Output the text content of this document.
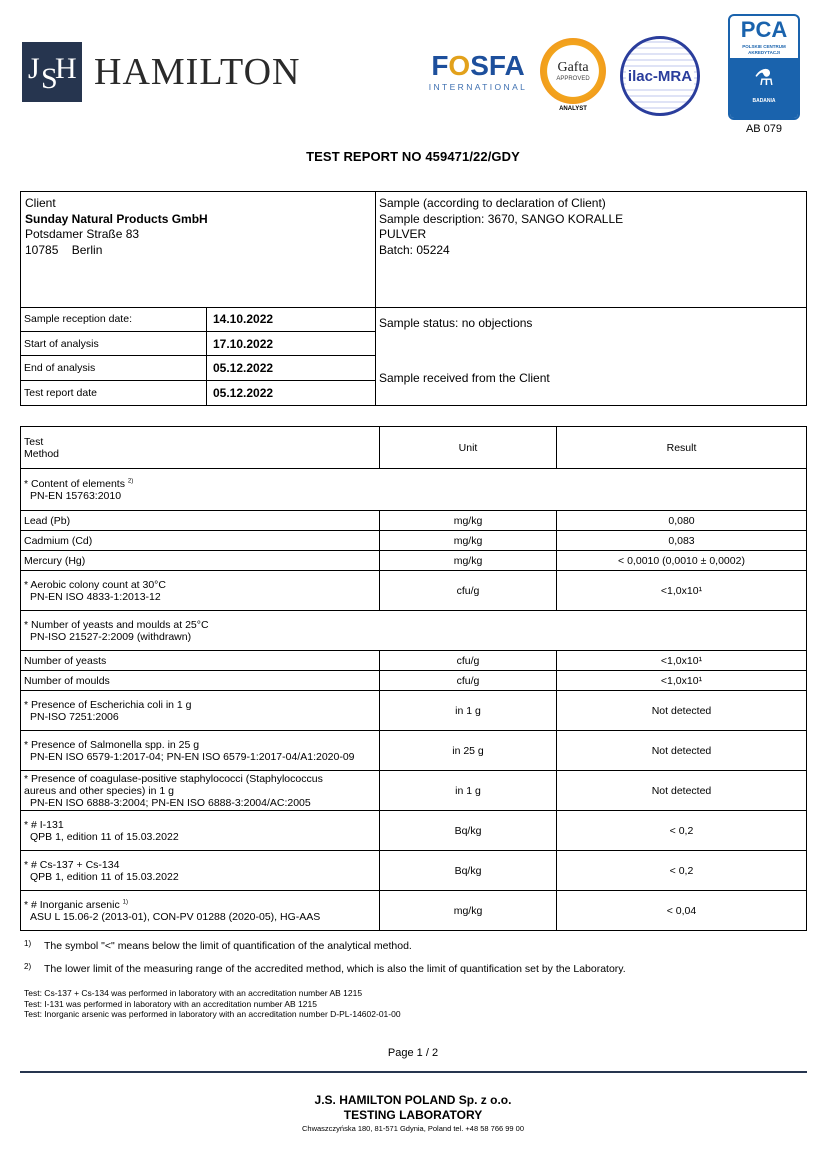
J S
H HAMILTON	FOSFA
INTERNATIONAL
Gafta
APPROVED
ANALYST
ilac-MRA
PCA
POLSKIE CENTRUM AKREDYTACJI
⚗
BADANIA
AB 079
TEST REPORT NO 459471/22/GDY
Client
Sunday Natural Products GmbH
Potsdamer Straße 83
10785    Berlin
Sample (according to declaration of Client)
Sample description: 3670, SANGO KORALLE
PULVER
Batch: 05224
Sample reception date:	14.10.2022
Start of analysis	17.10.2022
End of analysis	05.12.2022
Test report date	05.12.2022
Sample status: no objections
Sample received from the Client
Test
Method	Unit	Result
* Content of elements $^{2)}$
PN-EN 15763:2010		

Lead (Pb)	mg/kg	0,080
Cadmium (Cd)	mg/kg	0,083
Mercury (Hg)	mg/kg	< 0,0010 (0,0010 ± 0,0002)
* Aerobic colony count at 30°C
PN-EN ISO 4833-1:2013-12	cfu/g	<1,0x10¹
* Number of yeasts and moulds at 25°C
PN-ISO 21527-2:2009 (withdrawn)		

Number of yeasts	cfu/g	<1,0x10¹
Number of moulds	cfu/g	<1,0x10¹
* Presence of Escherichia coli in 1 g
PN-ISO 7251:2006	in 1 g	Not detected
* Presence of Salmonella spp. in 25 g
PN-EN ISO 6579-1:2017-04; PN-EN ISO 6579-1:2017-04/A1:2020-09	in 25 g	Not detected
* Presence of coagulase-positive staphylococci (Staphylococcus
aureus and other species) in 1 g
PN-EN ISO 6888-3:2004; PN-EN ISO 6888-3:2004/AC:2005	in 1 g	Not detected
* # I-131
QPB 1, edition 11 of 15.03.2022	Bq/kg	< 0,2
* # Cs-137 + Cs-134
QPB 1, edition 11 of 15.03.2022	Bq/kg	< 0,2
* # Inorganic arsenic $^{1)}$
ASU L 15.06-2 (2013-01), CON-PV 01288 (2020-05), HG-AAS	mg/kg	< 0,04
1) The symbol "<" means below the limit of quantification of the analytical method.
2) The lower limit of the measuring range of the accredited method, which is also the limit of quantification set by the Laboratory.
Test: Cs-137 + Cs-134 was performed in laboratory with an accreditation number AB 1215
Test: I-131 was performed in laboratory with an accreditation number AB 1215
Test: Inorganic arsenic was performed in laboratory with an accreditation number D-PL-14602-01-00
Page 1 / 2
J.S. HAMILTON POLAND Sp. z o.o.
TESTING LABORATORY
Chwaszczyńska 180, 81-571 Gdynia, Poland tel. +48 58 766 99 00
